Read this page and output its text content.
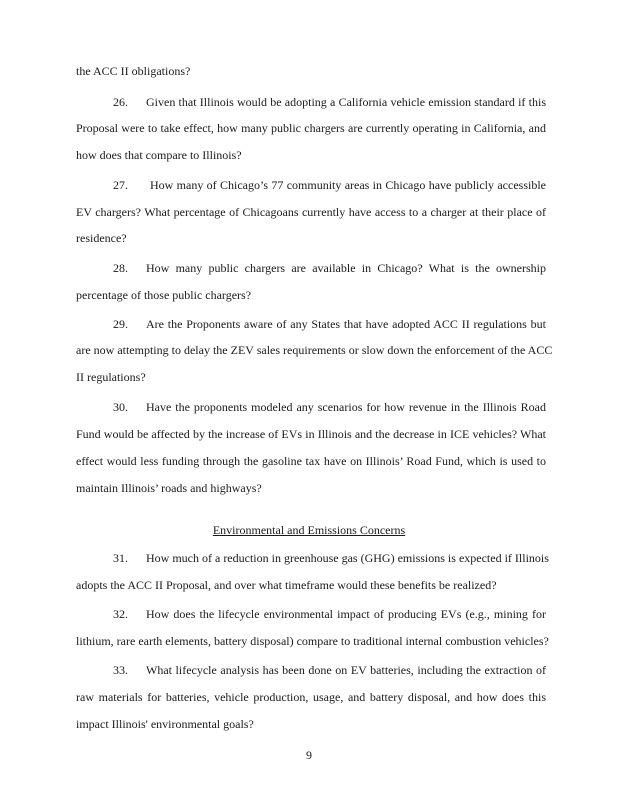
the ACC II obligations?
26. Given that Illinois would be adopting a California vehicle emission standard if this
Proposal were to take effect, how many public chargers are currently operating in California, and
how does that compare to Illinois?
27. How many of Chicago’s 77 community areas in Chicago have publicly accessible
EV chargers? What percentage of Chicagoans currently have access to a charger at their place of
residence?
28. How many public chargers are available in Chicago? What is the ownership
percentage of those public chargers?
29. Are the Proponents aware of any States that have adopted ACC II regulations but
are now attempting to delay the ZEV sales requirements or slow down the enforcement of the ACC
II regulations?
30. Have the proponents modeled any scenarios for how revenue in the Illinois Road
Fund would be affected by the increase of EVs in Illinois and the decrease in ICE vehicles? What
effect would less funding through the gasoline tax have on Illinois’ Road Fund, which is used to
maintain Illinois’ roads and highways?
Environmental and Emissions Concerns
31. How much of a reduction in greenhouse gas (GHG) emissions is expected if Illinois
adopts the ACC II Proposal, and over what timeframe would these benefits be realized?
32. How does the lifecycle environmental impact of producing EVs (e.g., mining for
lithium, rare earth elements, battery disposal) compare to traditional internal combustion vehicles?
33. What lifecycle analysis has been done on EV batteries, including the extraction of
raw materials for batteries, vehicle production, usage, and battery disposal, and how does this
impact Illinois' environmental goals?
9
